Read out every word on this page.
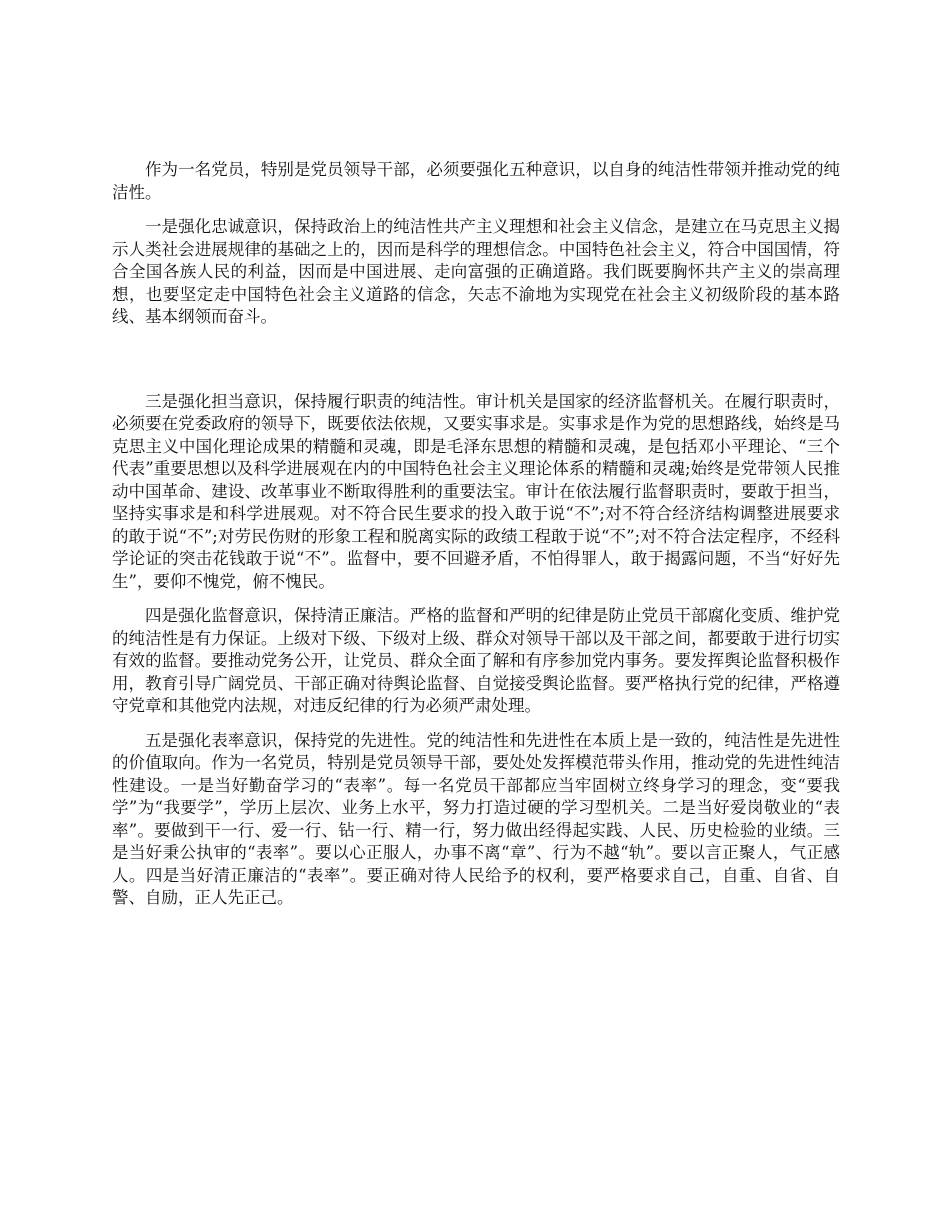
作为一名党员，特别是党员领导干部，必须要强化五种意识，以自身的纯洁性带领并推动党的纯洁性。

一是强化忠诚意识，保持政治上的纯洁性共产主义理想和社会主义信念，是建立在马克思主义揭示人类社会进展规律的基础之上的，因而是科学的理想信念。中国特色社会主义，符合中国国情，符合全国各族人民的利益，因而是中国进展、走向富强的正确道路。我们既要胸怀共产主义的崇高理想，也要坚定走中国特色社会主义道路的信念，矢志不渝地为实现党在社会主义初级阶段的基本路线、基本纲领而奋斗。

三是强化担当意识，保持履行职责的纯洁性。审计机关是国家的经济监督机关。在履行职责时，必须要在党委政府的领导下，既要依法依规，又要实事求是。实事求是作为党的思想路线，始终是马克思主义中国化理论成果的精髓和灵魂，即是毛泽东思想的精髓和灵魂，是包括邓小平理论、“三个代表”重要思想以及科学进展观在内的中国特色社会主义理论体系的精髓和灵魂;始终是党带领人民推动中国革命、建设、改革事业不断取得胜利的重要法宝。审计在依法履行监督职责时，要敢于担当，坚持实事求是和科学进展观。对不符合民生要求的投入敢于说“不”;对不符合经济结构调整进展要求的敢于说“不”;对劳民伤财的形象工程和脱离实际的政绩工程敢于说“不”;对不符合法定程序，不经科学论证的突击花钱敢于说“不”。监督中，要不回避矛盾，不怕得罪人，敢于揭露问题，不当“好好先生”，要仰不愧党，俯不愧民。

四是强化监督意识，保持清正廉洁。严格的监督和严明的纪律是防止党员干部腐化变质、维护党的纯洁性是有力保证。上级对下级、下级对上级、群众对领导干部以及干部之间，都要敢于进行切实有效的监督。要推动党务公开，让党员、群众全面了解和有序参加党内事务。要发挥舆论监督积极作用，教育引导广阔党员、干部正确对待舆论监督、自觉接受舆论监督。要严格执行党的纪律，严格遵守党章和其他党内法规，对违反纪律的行为必须严肃处理。

五是强化表率意识，保持党的先进性。党的纯洁性和先进性在本质上是一致的，纯洁性是先进性的价值取向。作为一名党员，特别是党员领导干部，要处处发挥模范带头作用，推动党的先进性纯洁性建设。一是当好勤奋学习的“表率”。每一名党员干部都应当牢固树立终身学习的理念，变“要我学”为“我要学”，学历上层次、业务上水平，努力打造过硬的学习型机关。二是当好爱岗敬业的“表率”。要做到干一行、爱一行、钻一行、精一行，努力做出经得起实践、人民、历史检验的业绩。三是当好秉公执审的“表率”。要以心正服人，办事不离“章”、行为不越“轨”。要以言正聚人，气正感人。四是当好清正廉洁的“表率”。要正确对待人民给予的权利，要严格要求自己，自重、自省、自警、自励，正人先正己。
